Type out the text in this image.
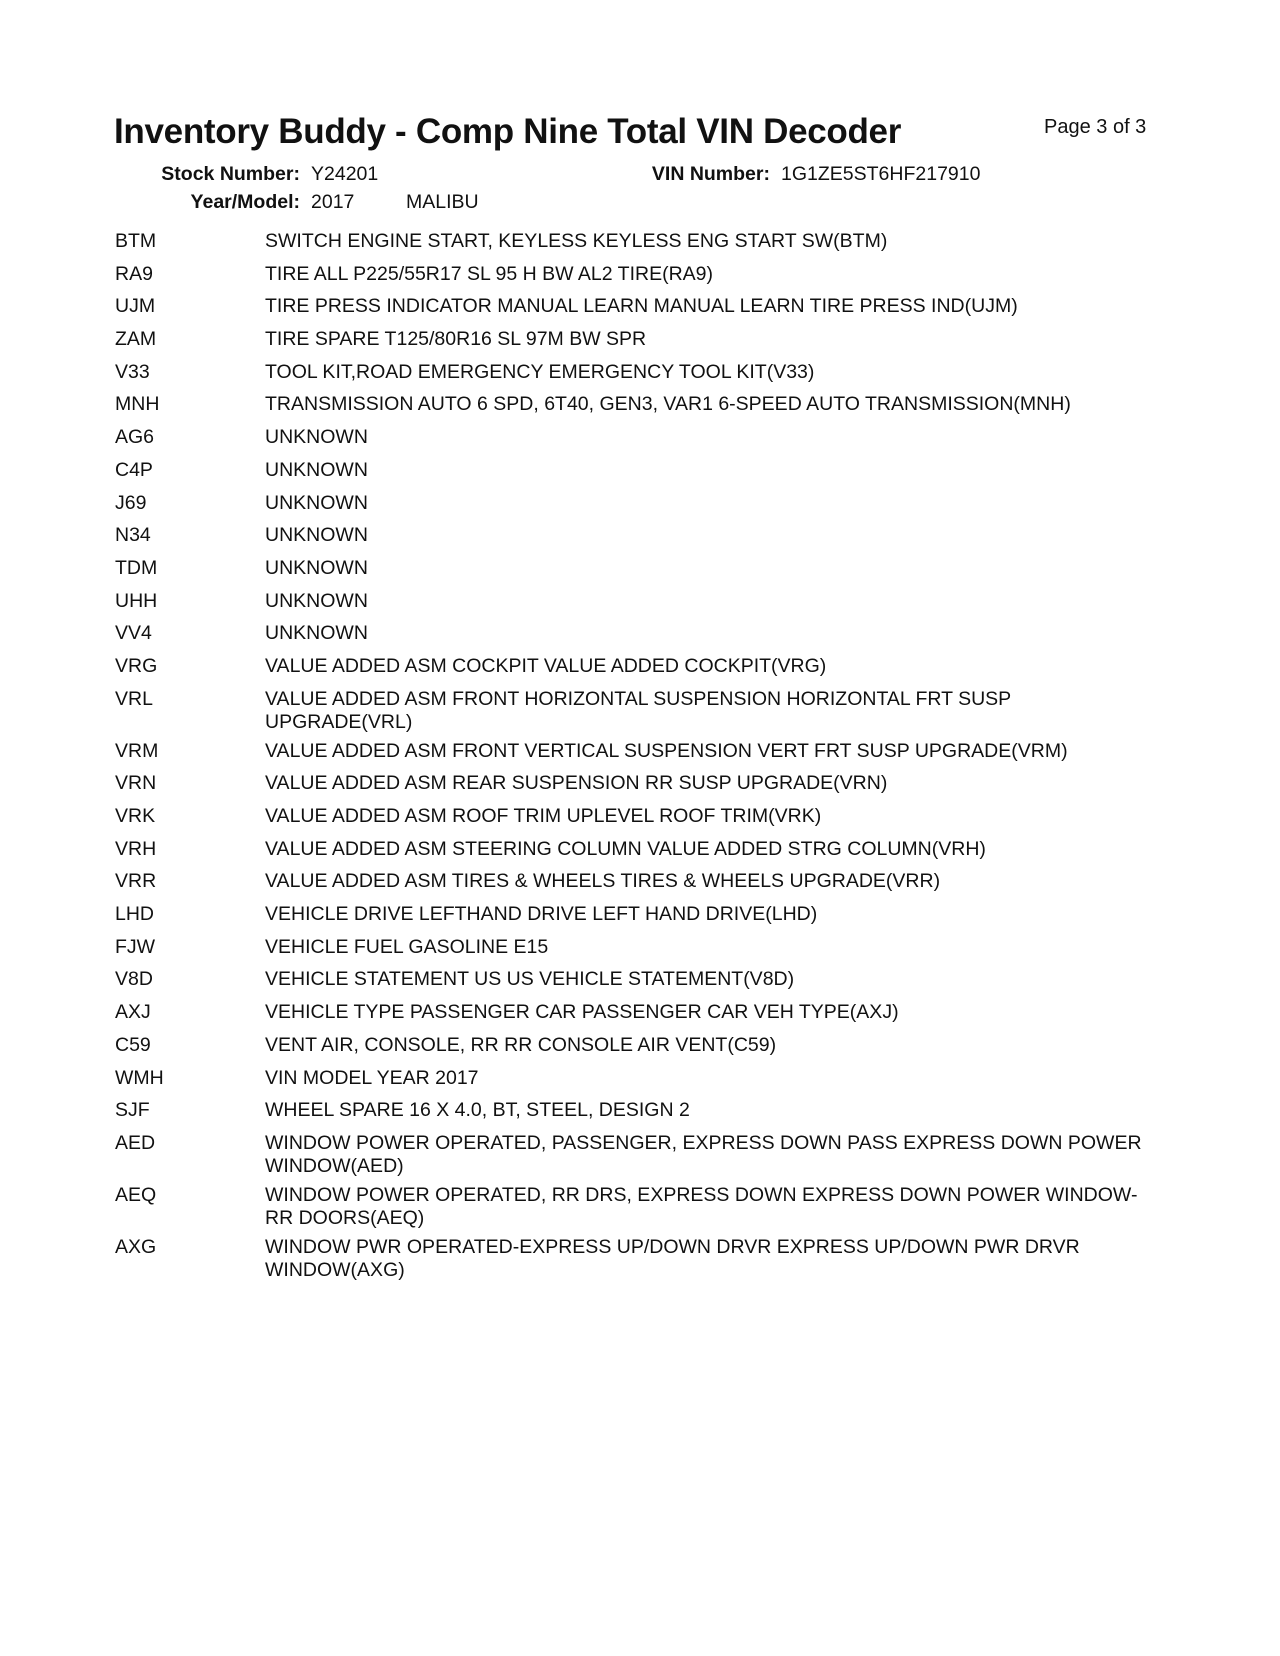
Inventory Buddy - Comp Nine Total VIN Decoder	Page 3 of 3
Stock Number: Y24201	VIN Number: 1G1ZE5ST6HF217910
Year/Model: 2017	MALIBU
BTM	SWITCH ENGINE START, KEYLESS KEYLESS ENG START SW(BTM)
RA9	TIRE ALL P225/55R17 SL 95 H BW AL2 TIRE(RA9)
UJM	TIRE PRESS INDICATOR MANUAL LEARN MANUAL LEARN TIRE PRESS IND(UJM)
ZAM	TIRE SPARE T125/80R16 SL 97M BW SPR
V33	TOOL KIT,ROAD EMERGENCY EMERGENCY TOOL KIT(V33)
MNH	TRANSMISSION AUTO 6 SPD, 6T40, GEN3, VAR1 6-SPEED AUTO TRANSMISSION(MNH)
AG6	UNKNOWN
C4P	UNKNOWN
J69	UNKNOWN
N34	UNKNOWN
TDM	UNKNOWN
UHH	UNKNOWN
VV4	UNKNOWN
VRG	VALUE ADDED ASM COCKPIT VALUE ADDED COCKPIT(VRG)
VRL	VALUE ADDED ASM FRONT HORIZONTAL SUSPENSION HORIZONTAL FRT SUSP UPGRADE(VRL)
VRM	VALUE ADDED ASM FRONT VERTICAL SUSPENSION VERT FRT SUSP UPGRADE(VRM)
VRN	VALUE ADDED ASM REAR SUSPENSION RR SUSP UPGRADE(VRN)
VRK	VALUE ADDED ASM ROOF TRIM UPLEVEL ROOF TRIM(VRK)
VRH	VALUE ADDED ASM STEERING COLUMN VALUE ADDED STRG COLUMN(VRH)
VRR	VALUE ADDED ASM TIRES & WHEELS TIRES & WHEELS UPGRADE(VRR)
LHD	VEHICLE DRIVE LEFTHAND DRIVE LEFT HAND DRIVE(LHD)
FJW	VEHICLE FUEL GASOLINE E15
V8D	VEHICLE STATEMENT US US VEHICLE STATEMENT(V8D)
AXJ	VEHICLE TYPE PASSENGER CAR PASSENGER CAR VEH TYPE(AXJ)
C59	VENT AIR, CONSOLE, RR RR CONSOLE AIR VENT(C59)
WMH	VIN MODEL YEAR 2017
SJF	WHEEL SPARE 16 X 4.0, BT, STEEL, DESIGN 2
AED	WINDOW POWER OPERATED, PASSENGER, EXPRESS DOWN PASS EXPRESS DOWN POWER WINDOW(AED)
AEQ	WINDOW POWER OPERATED, RR DRS, EXPRESS DOWN EXPRESS DOWN POWER WINDOW-RR DOORS(AEQ)
AXG	WINDOW PWR OPERATED-EXPRESS UP/DOWN DRVR EXPRESS UP/DOWN PWR DRVR WINDOW(AXG)
